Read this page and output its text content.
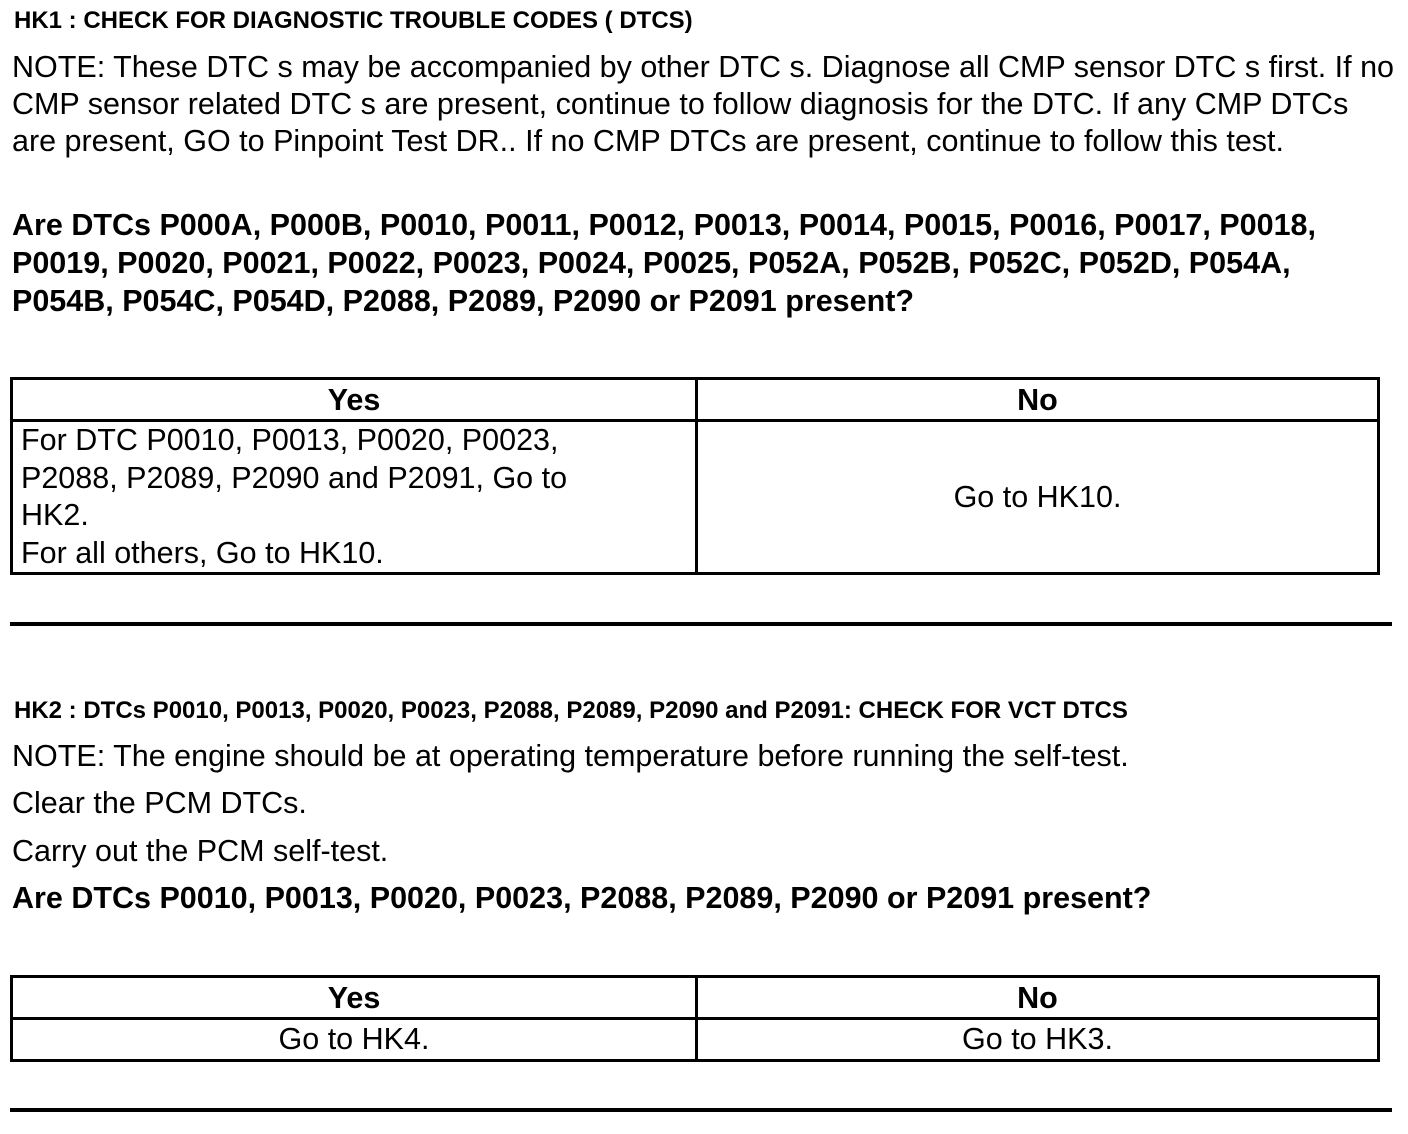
HK1 : CHECK FOR DIAGNOSTIC TROUBLE CODES ( DTCS)
NOTE: These DTC s may be accompanied by other DTC s. Diagnose all CMP sensor DTC s first. If no CMP sensor related DTC s are present, continue to follow diagnosis for the DTC. If any CMP DTCs are present, GO to Pinpoint Test DR.. If no CMP DTCs are present, continue to follow this test.
Are DTCs P000A, P000B, P0010, P0011, P0012, P0013, P0014, P0015, P0016, P0017, P0018, P0019, P0020, P0021, P0022, P0023, P0024, P0025, P052A, P052B, P052C, P052D, P054A, P054B, P054C, P054D, P2088, P2089, P2090 or P2091 present?
Yes	No

For DTC P0010, P0013, P0020, P0023,
P2088, P2089, P2090 and P2091, Go to
HK2.
For all others, Go to HK10.	Go to HK10.
HK2 : DTCs P0010, P0013, P0020, P0023, P2088, P2089, P2090 and P2091: CHECK FOR VCT DTCS
NOTE: The engine should be at operating temperature before running the self-test.
Clear the PCM DTCs.
Carry out the PCM self-test.
Are DTCs P0010, P0013, P0020, P0023, P2088, P2089, P2090 or P2091 present?
Yes	No
Go to HK4.	Go to HK3.
